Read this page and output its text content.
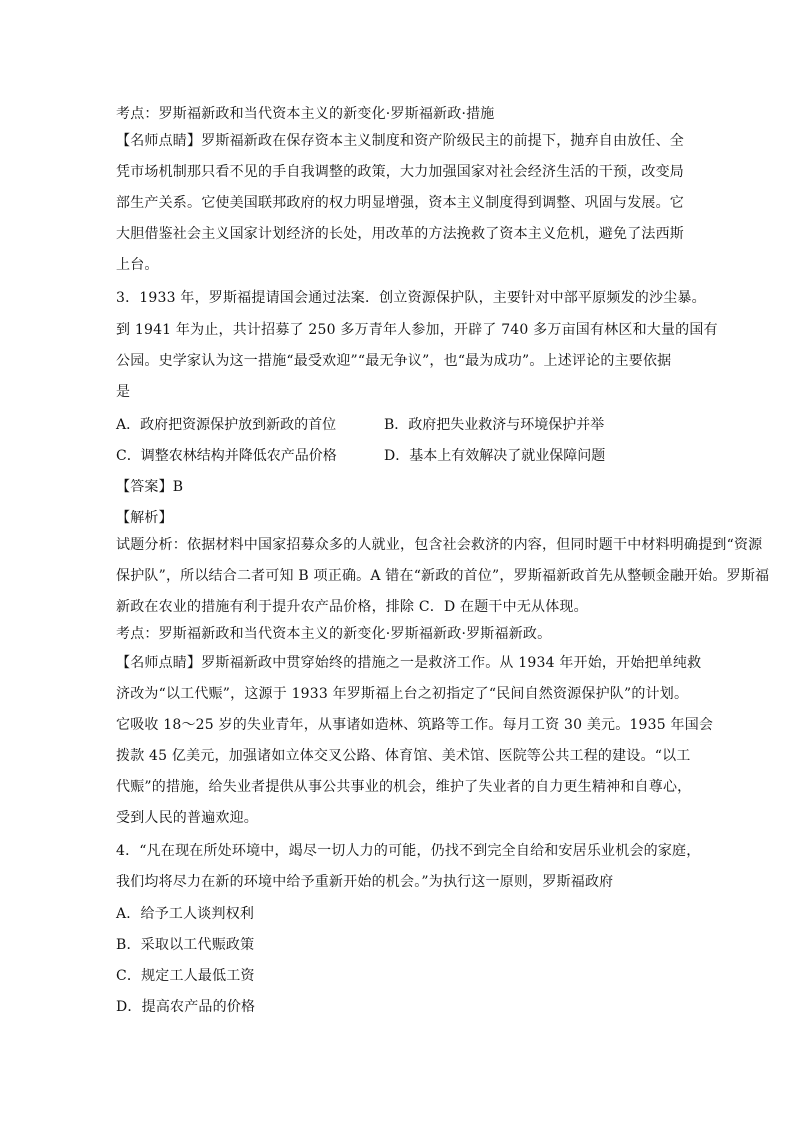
考点：罗斯福新政和当代资本主义的新变化·罗斯福新政·措施
【名师点睛】罗斯福新政在保存资本主义制度和资产阶级民主的前提下，抛弃自由放任、全
凭市场机制那只看不见的手自我调整的政策，大力加强国家对社会经济生活的干预，改变局
部生产关系。它使美国联邦政府的权力明显增强，资本主义制度得到调整、巩固与发展。它
大胆借鉴社会主义国家计划经济的长处，用改革的方法挽救了资本主义危机，避免了法西斯
上台。
3．1933 年，罗斯福提请国会通过法案．创立资源保护队，主要针对中部平原频发的沙尘暴。
到 1941 年为止，共计招募了 250 多万青年人参加，开辟了 740 多万亩国有林区和大量的国有
公园。史学家认为这一措施“最受欢迎”“最无争议”，也“最为成功”。上述评论的主要依据
是
A．政府把资源保护放到新政的首位	B．政府把失业救济与环境保护并举
C．调整农林结构并降低农产品价格	D．基本上有效解决了就业保障问题
【答案】B
【解析】
试题分析：依据材料中国家招募众多的人就业，包含社会救济的内容，但同时题干中材料明确提到“资源
保护队”，所以结合二者可知 B 项正确。A 错在“新政的首位”，罗斯福新政首先从整顿金融开始。罗斯福
新政在农业的措施有利于提升农产品价格，排除 C．D 在题干中无从体现。
考点：罗斯福新政和当代资本主义的新变化·罗斯福新政·罗斯福新政。
【名师点睛】罗斯福新政中贯穿始终的措施之一是救济工作。从 1934 年开始，开始把单纯救
济改为“以工代赈”，这源于 1933 年罗斯福上台之初指定了“民间自然资源保护队”的计划。
它吸收 18～25 岁的失业青年，从事诸如造林、筑路等工作。每月工资 30 美元。1935 年国会
拨款 45 亿美元，加强诸如立体交叉公路、体育馆、美术馆、医院等公共工程的建设。“以工
代赈”的措施，给失业者提供从事公共事业的机会，维护了失业者的自力更生精神和自尊心，
受到人民的普遍欢迎。
4．“凡在现在所处环境中，竭尽一切人力的可能，仍找不到完全自给和安居乐业机会的家庭，
我们均将尽力在新的环境中给予重新开始的机会。”为执行这一原则，罗斯福政府
A．给予工人谈判权利
B．采取以工代赈政策
C．规定工人最低工资
D．提高农产品的价格
